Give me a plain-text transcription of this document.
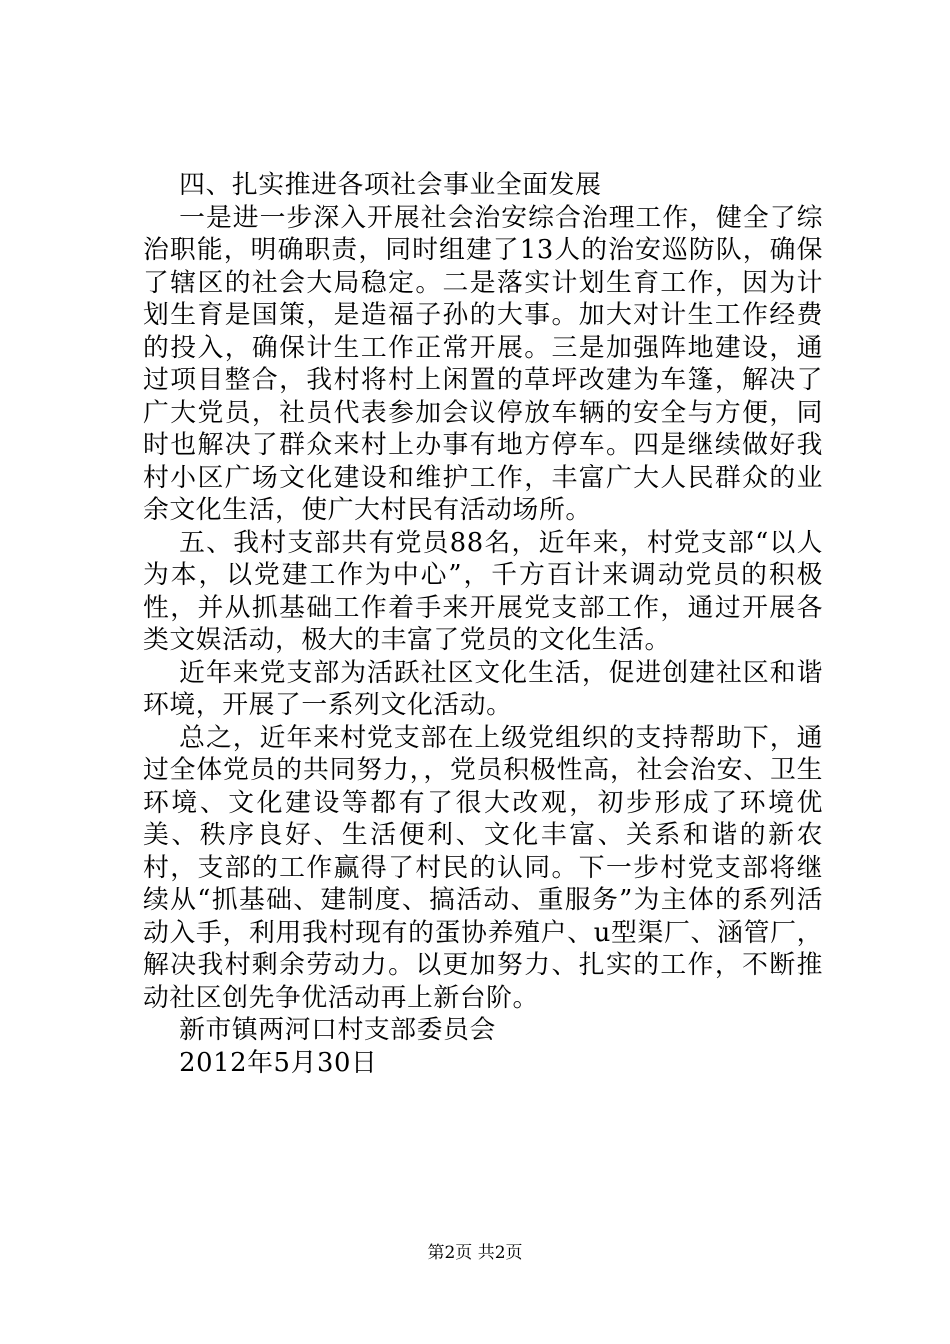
四、扎实推进各项社会事业全面发展

一是进一步深入开展社会治安综合治理工作，健全了综治职能，明确职责，同时组建了13人的治安巡防队，确保了辖区的社会大局稳定。二是落实计划生育工作，因为计划生育是国策，是造福子孙的大事。加大对计生工作经费的投入，确保计生工作正常开展。三是加强阵地建设，通过项目整合，我村将村上闲置的草坪改建为车篷，解决了广大党员，社员代表参加会议停放车辆的安全与方便，同时也解决了群众来村上办事有地方停车。四是继续做好我村小区广场文化建设和维护工作，丰富广大人民群众的业余文化生活，使广大村民有活动场所。

五、我村支部共有党员88名，近年来，村党支部“以人为本，以党建工作为中心”，千方百计来调动党员的积极性，并从抓基础工作着手来开展党支部工作，通过开展各类文娱活动，极大的丰富了党员的文化生活。

近年来党支部为活跃社区文化生活，促进创建社区和谐环境，开展了一系列文化活动。

总之，近年来村党支部在上级党组织的支持帮助下，通过全体党员的共同努力，，党员积极性高，社会治安、卫生环境、文化建设等都有了很大改观，初步形成了环境优美、秩序良好、生活便利、文化丰富、关系和谐的新农村，支部的工作赢得了村民的认同。下一步村党支部将继续从“抓基础、建制度、搞活动、重服务”为主体的系列活动入手，利用我村现有的蛋协养殖户、u型渠厂、涵管厂，解决我村剩余劳动力。以更加努力、扎实的工作，不断推动社区创先争优活动再上新台阶。

新市镇两河口村支部委员会

2012年5月30日

第2页 共2页
